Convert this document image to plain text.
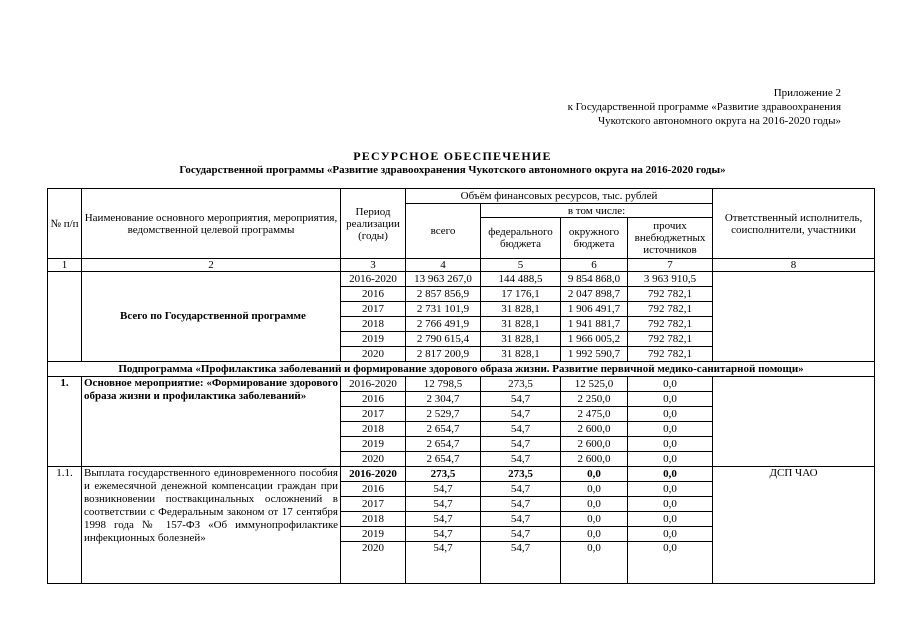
Приложение 2
к Государственной программе «Развитие здравоохранения
Чукотского автономного округа на 2016-2020 годы»
РЕСУРСНОЕ ОБЕСПЕЧЕНИЕ
Государственной программы «Развитие здравоохранения Чукотского автономного округа на 2016-2020 годы»
№ п/п	Наименование основного мероприятия, мероприятия, ведомственной целевой программы	Период реализации (годы)	Объём финансовых ресурсов, тыс. рублей				Ответственный исполнитель, соисполнители, участники
			всего	в том числе:			
				федерального бюджета	окружного бюджета	прочих внебюджетных источников	
1	2	3	4	5	6	7	8
	Всего по Государственной программе	2016-2020	13 963 267,0	144 488,5	9 854 868,0	3 963 910,5	
		2016	2 857 856,9	17 176,1	2 047 898,7	792 782,1	
		2017	2 731 101,9	31 828,1	1 906 491,7	792 782,1	
		2018	2 766 491,9	31 828,1	1 941 881,7	792 782,1	
		2019	2 790 615,4	31 828,1	1 966 005,2	792 782,1	
		2020	2 817 200,9	31 828,1	1 992 590,7	792 782,1	
Подпрограмма «Профилактика заболеваний и формирование здорового образа жизни. Развитие первичной медико-санитарной помощи»							
1.	Основное мероприятие: «Формирование здорового образа жизни и профилактика заболеваний»	2016-2020	12 798,5	273,5	12 525,0	0,0	
		2016	2 304,7	54,7	2 250,0	0,0	
		2017	2 529,7	54,7	2 475,0	0,0	
		2018	2 654,7	54,7	2 600,0	0,0	
		2019	2 654,7	54,7	2 600,0	0,0	
		2020	2 654,7	54,7	2 600,0	0,0	
1.1.	Выплата государственного единовременного пособия и ежемесячной денежной компенсации граждан при возникновении поствакцинальных осложнений в соответствии с Федеральным законом от 17 сентября 1998 года № 157-ФЗ «Об иммунопрофилактике инфекционных болезней»	2016-2020	273,5	273,5	0,0	0,0	ДСП ЧАО
		2016	54,7	54,7	0,0	0,0	
		2017	54,7	54,7	0,0	0,0	
		2018	54,7	54,7	0,0	0,0	
		2019	54,7	54,7	0,0	0,0	
		2020	54,7	54,7	0,0	0,0	
